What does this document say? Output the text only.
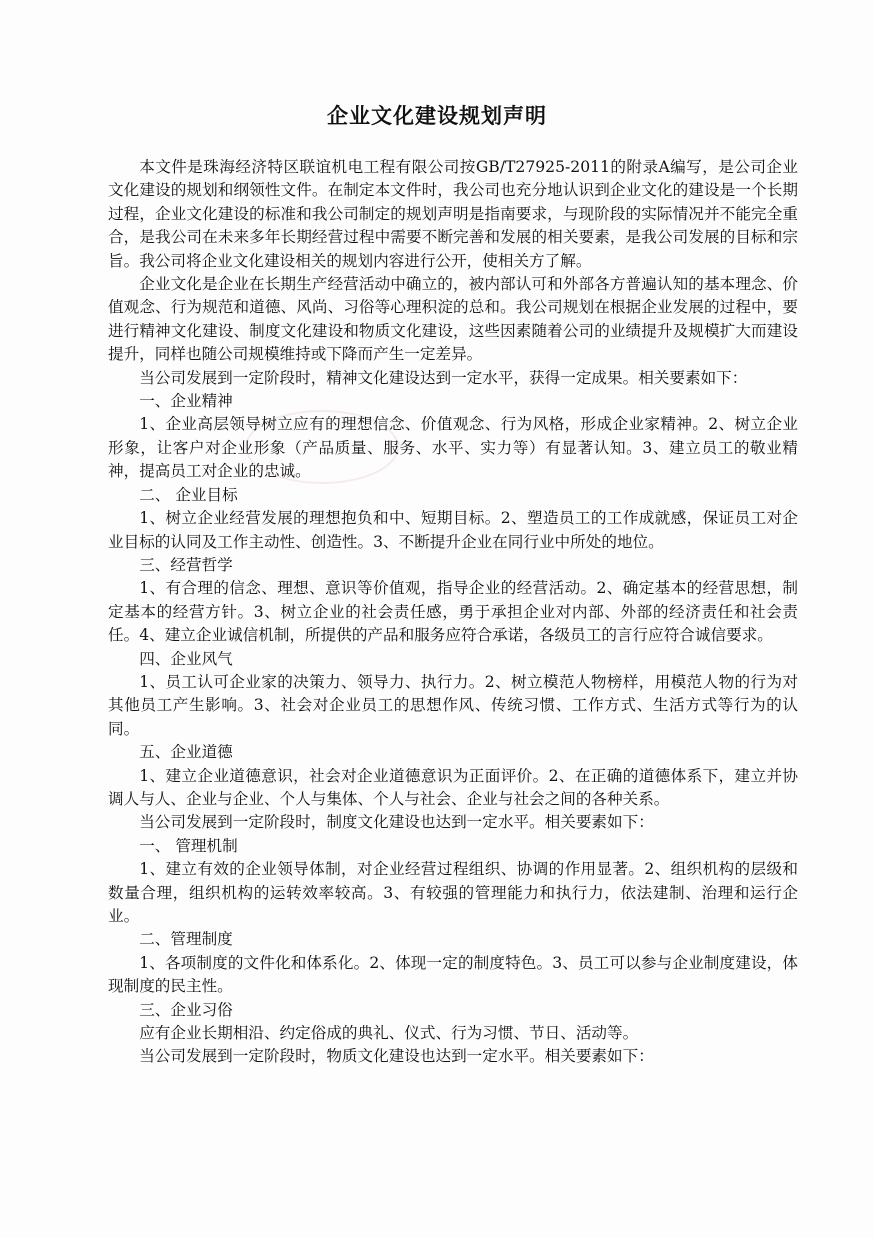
企业文化建设规划声明
本文件是珠海经济特区联谊机电工程有限公司按GB/T27925-2011的附录A编写，是公司企业文化建设的规划和纲领性文件。在制定本文件时，我公司也充分地认识到企业文化的建设是一个长期过程，企业文化建设的标准和我公司制定的规划声明是指南要求，与现阶段的实际情况并不能完全重合，是我公司在未来多年长期经营过程中需要不断完善和发展的相关要素，是我公司发展的目标和宗旨。我公司将企业文化建设相关的规划内容进行公开，使相关方了解。
企业文化是企业在长期生产经营活动中确立的，被内部认可和外部各方普遍认知的基本理念、价值观念、行为规范和道德、风尚、习俗等心理积淀的总和。我公司规划在根据企业发展的过程中，要进行精神文化建设、制度文化建设和物质文化建设，这些因素随着公司的业绩提升及规模扩大而建设提升，同样也随公司规模维持或下降而产生一定差异。
当公司发展到一定阶段时，精神文化建设达到一定水平，获得一定成果。相关要素如下：
一、企业精神
1、企业高层领导树立应有的理想信念、价值观念、行为风格，形成企业家精神。2、树立企业形象，让客户对企业形象（产品质量、服务、水平、实力等）有显著认知。3、建立员工的敬业精神，提高员工对企业的忠诚。
二、 企业目标
1、树立企业经营发展的理想抱负和中、短期目标。2、塑造员工的工作成就感，保证员工对企业目标的认同及工作主动性、创造性。3、不断提升企业在同行业中所处的地位。
三、经营哲学
1、有合理的信念、理想、意识等价值观，指导企业的经营活动。2、确定基本的经营思想，制定基本的经营方针。3、树立企业的社会责任感，勇于承担企业对内部、外部的经济责任和社会责任。4、建立企业诚信机制，所提供的产品和服务应符合承诺，各级员工的言行应符合诚信要求。
四、企业风气
1、员工认可企业家的决策力、领导力、执行力。2、树立模范人物榜样，用模范人物的行为对其他员工产生影响。3、社会对企业员工的思想作风、传统习惯、工作方式、生活方式等行为的认同。
五、企业道德
1、建立企业道德意识，社会对企业道德意识为正面评价。2、在正确的道德体系下，建立并协调人与人、企业与企业、个人与集体、个人与社会、企业与社会之间的各种关系。
当公司发展到一定阶段时，制度文化建设也达到一定水平。相关要素如下：
一、 管理机制
1、建立有效的企业领导体制，对企业经营过程组织、协调的作用显著。2、组织机构的层级和数量合理，组织机构的运转效率较高。3、有较强的管理能力和执行力，依法建制、治理和运行企业。
二、管理制度
1、各项制度的文件化和体系化。2、体现一定的制度特色。3、员工可以参与企业制度建设，体现制度的民主性。
三、企业习俗
应有企业长期相沿、约定俗成的典礼、仪式、行为习惯、节日、活动等。
当公司发展到一定阶段时，物质文化建设也达到一定水平。相关要素如下：
